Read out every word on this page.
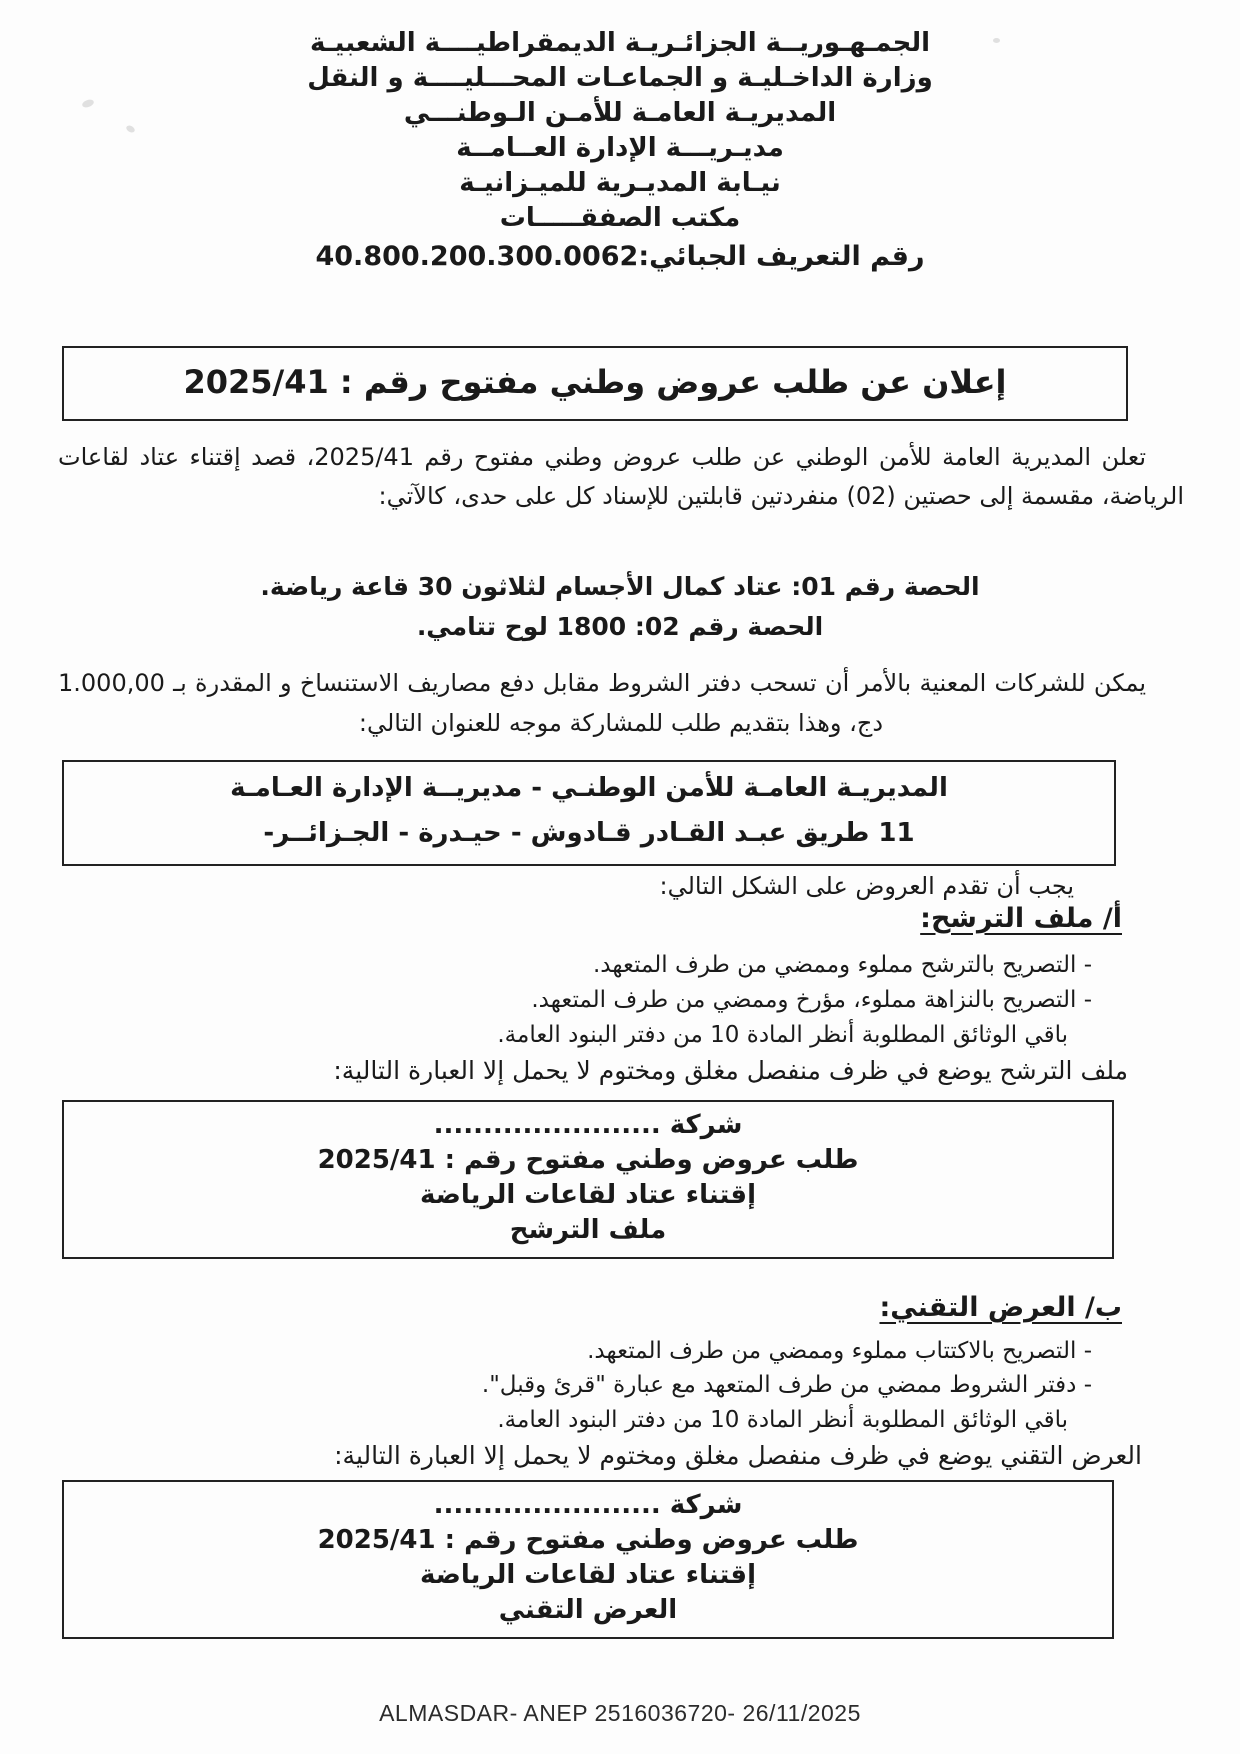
الجمـهـوريــة الجزائـريـة الديمقراطيــــة الشعبيـة
وزارة الداخـليـة و الجماعـات المحـــليــــة و النقل
المديريـة العامـة للأمـن الـوطنـــي
مديـريـــة الإدارة العــامــة
نيـابة المديـرية للميـزانيـة
مكتب الصفقـــــات
رقم التعريف الجبائي:40.800.200.300.0062
إعلان عن طلب عروض وطني مفتوح رقم : 2025/41
تعلن المديرية العامة للأمن الوطني عن طلب عروض وطني مفتوح رقم 2025/41، قصد إقتناء عتاد لقاعات الرياضة، مقسمة إلى حصتين (02) منفردتين قابلتين للإسناد كل على حدى، كالآتي:
الحصة رقم 01: عتاد كمال الأجسام لثلاثون 30 قاعة رياضة.
الحصة رقم 02: 1800 لوح تتامي.
يمكن للشركات المعنية بالأمر أن تسحب دفتر الشروط مقابل دفع مصاريف الاستنساخ و المقدرة بـ 1.000,00 دج، وهذا بتقديم طلب للمشاركة موجه للعنوان التالي:
المديريـة العامـة للأمن الوطنـي - مديريــة الإدارة العـامـة
11 طريق عبـد القـادر قـادوش - حيـدرة - الجـزائــر-
يجب أن تقدم العروض على الشكل التالي:
أ/ ملف الترشح:
- التصريح بالترشح مملوء وممضي من طرف المتعهد.
- التصريح بالنزاهة مملوء، مؤرخ وممضي من طرف المتعهد.
باقي الوثائق المطلوبة أنظر المادة 10 من دفتر البنود العامة.
ملف الترشح يوضع في ظرف منفصل مغلق ومختوم لا يحمل إلا العبارة التالية:
شركة .......................
طلب عروض وطني مفتوح رقم : 2025/41
إقتناء عتاد لقاعات الرياضة
ملف الترشح
ب/ العرض التقني:
- التصريح بالاكتتاب مملوء وممضي من طرف المتعهد.
- دفتر الشروط ممضي من طرف المتعهد مع عبارة "قرئ وقبل".
باقي الوثائق المطلوبة أنظر المادة 10 من دفتر البنود العامة.
العرض التقني يوضع في ظرف منفصل مغلق ومختوم لا يحمل إلا العبارة التالية:
شركة .......................
طلب عروض وطني مفتوح رقم : 2025/41
إقتناء عتاد لقاعات الرياضة
العرض التقني
ALMASDAR- ANEP 2516036720- 26/11/2025
